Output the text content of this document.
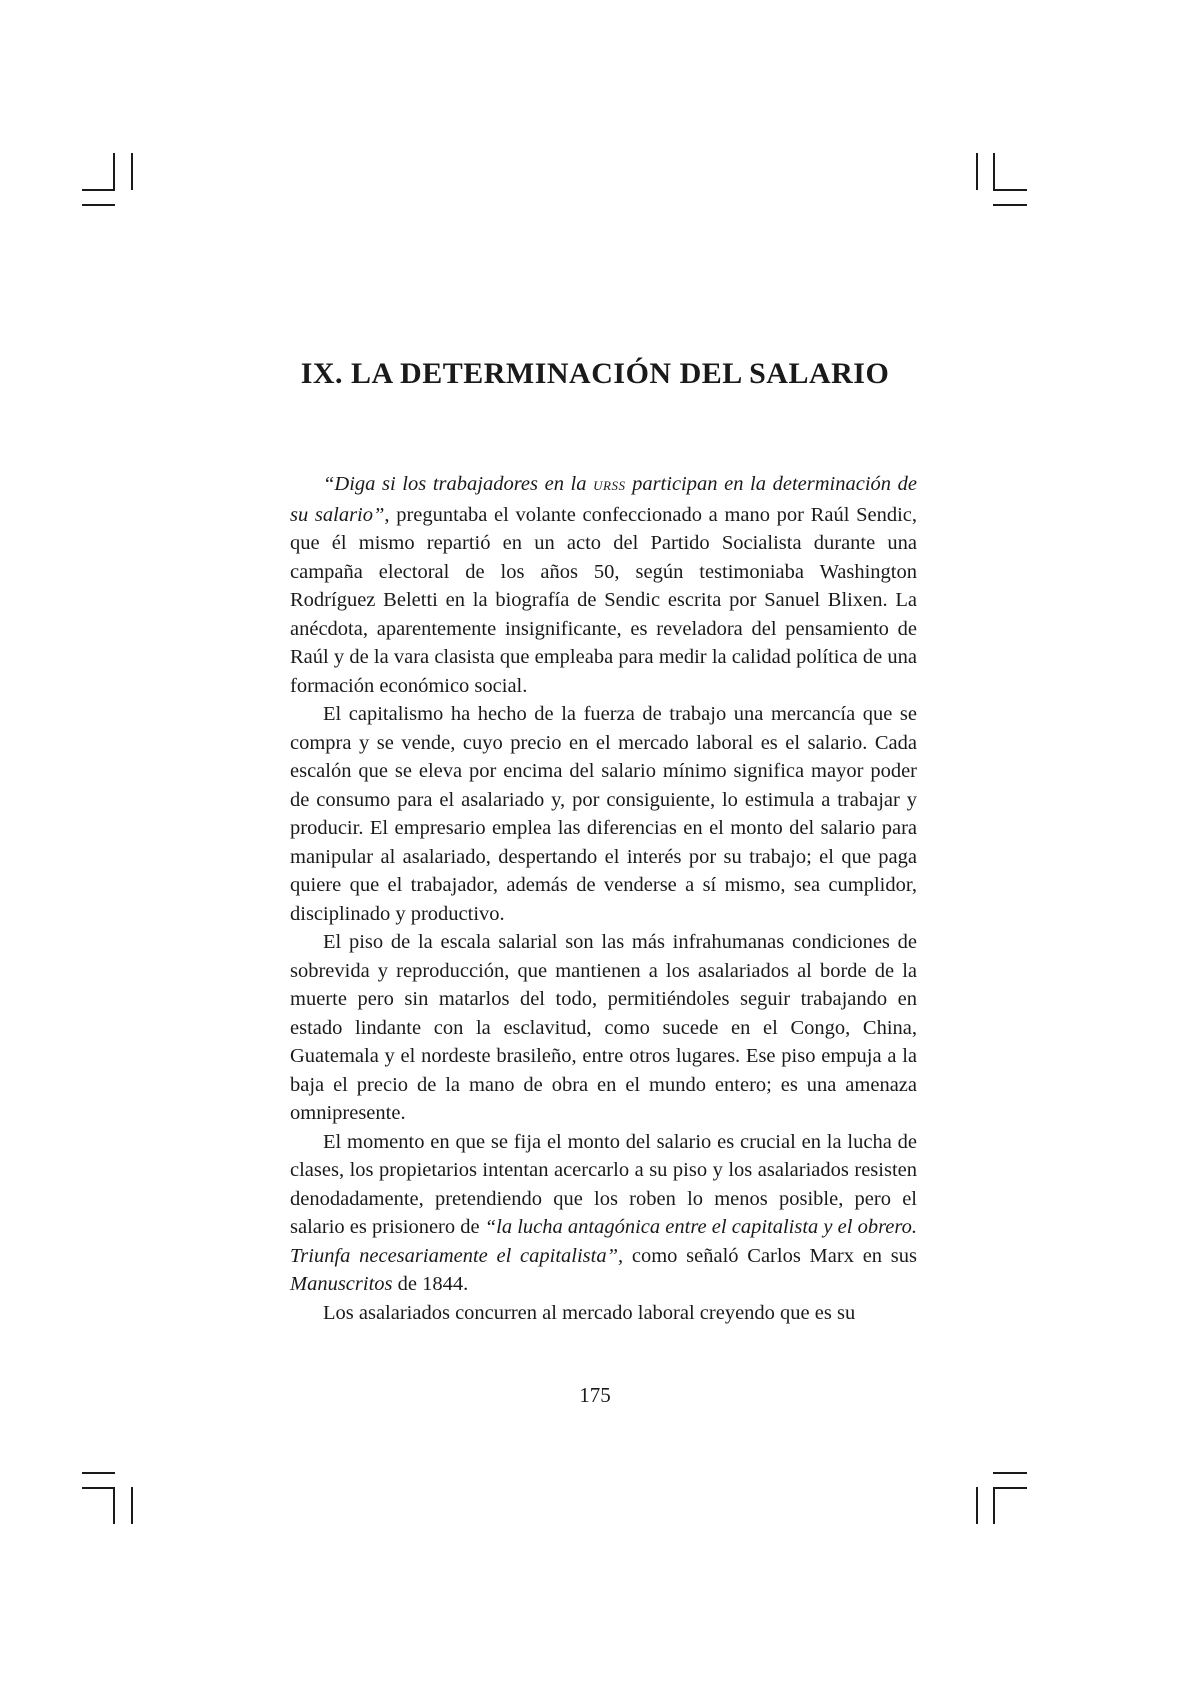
IX. LA DETERMINACIÓN DEL SALARIO

“Diga si los trabajadores en la URSS participan en la determinación de su salario”, preguntaba el volante confeccionado a mano por Raúl Sendic, que él mismo repartió en un acto del Partido Socialista durante una campaña electoral de los años 50, según testimoniaba Washington Rodríguez Beletti en la biografía de Sendic escrita por Sanuel Blixen. La anécdota, aparentemente insignificante, es reveladora del pensamiento de Raúl y de la vara clasista que empleaba para medir la calidad política de una formación económico social.

El capitalismo ha hecho de la fuerza de trabajo una mercancía que se compra y se vende, cuyo precio en el mercado laboral es el salario. Cada escalón que se eleva por encima del salario mínimo significa mayor poder de consumo para el asalariado y, por consiguiente, lo estimula a trabajar y producir. El empresario emplea las diferencias en el monto del salario para manipular al asalariado, despertando el interés por su trabajo; el que paga quiere que el trabajador, además de venderse a sí mismo, sea cumplidor, disciplinado y productivo.

El piso de la escala salarial son las más infrahumanas condiciones de sobrevida y reproducción, que mantienen a los asalariados al borde de la muerte pero sin matarlos del todo, permitiéndoles seguir trabajando en estado lindante con la esclavitud, como sucede en el Congo, China, Guatemala y el nordeste brasileño, entre otros lugares. Ese piso empuja a la baja el precio de la mano de obra en el mundo entero; es una amenaza omnipresente.

El momento en que se fija el monto del salario es crucial en la lucha de clases, los propietarios intentan acercarlo a su piso y los asalariados resisten denodadamente, pretendiendo que los roben lo menos posible, pero el salario es prisionero de “la lucha antagónica entre el capitalista y el obrero. Triunfa necesariamente el capitalista”, como señaló Carlos Marx en sus Manuscritos de 1844.

Los asalariados concurren al mercado laboral creyendo que es su

175
